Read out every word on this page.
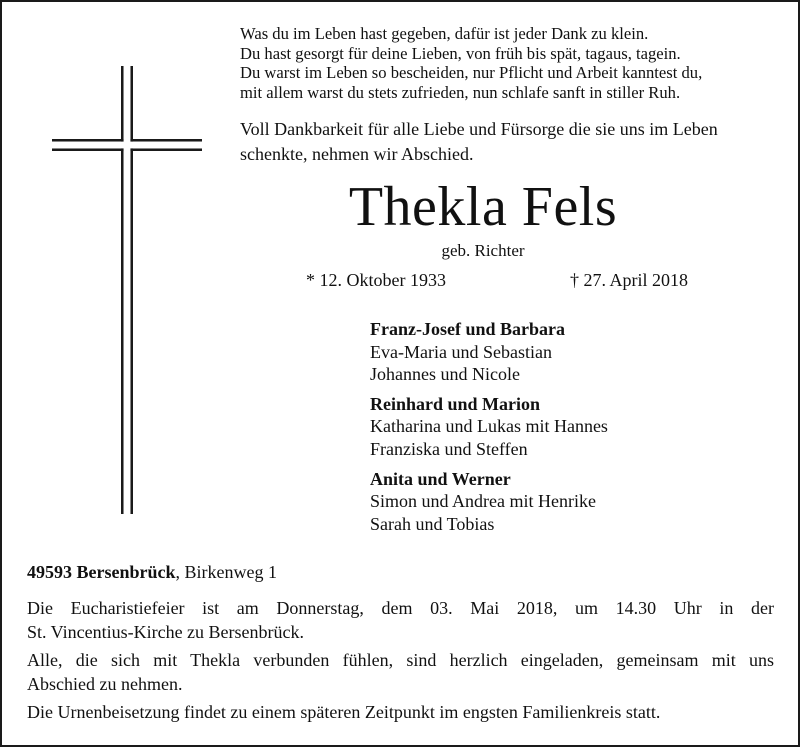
Was du im Leben hast gegeben, dafür ist jeder Dank zu klein.
Du hast gesorgt für deine Lieben, von früh bis spät, tagaus, tagein.
Du warst im Leben so bescheiden, nur Pflicht und Arbeit kanntest du,
mit allem warst du stets zufrieden, nun schlafe sanft in stiller Ruh.
Voll Dankbarkeit für alle Liebe und Fürsorge die sie uns im Leben
schenkte, nehmen wir Abschied.
Thekla Fels
geb. Richter
* 12. Oktober 1933	† 27. April 2018
Franz-Josef und Barbara
Eva-Maria und Sebastian
Johannes und Nicole
Reinhard und Marion
Katharina und Lukas mit Hannes
Franziska und Steffen
Anita und Werner
Simon und Andrea mit Henrike
Sarah und Tobias
49593 Bersenbrück, Birkenweg 1

Die Eucharistiefeier ist am Donnerstag, dem 03. Mai 2018, um 14.30 Uhr in der
St. Vincentius-Kirche zu Bersenbrück.

Alle, die sich mit Thekla verbunden fühlen, sind herzlich eingeladen, gemeinsam mit uns
Abschied zu nehmen.

Die Urnenbeisetzung findet zu einem späteren Zeitpunkt im engsten Familienkreis statt.
